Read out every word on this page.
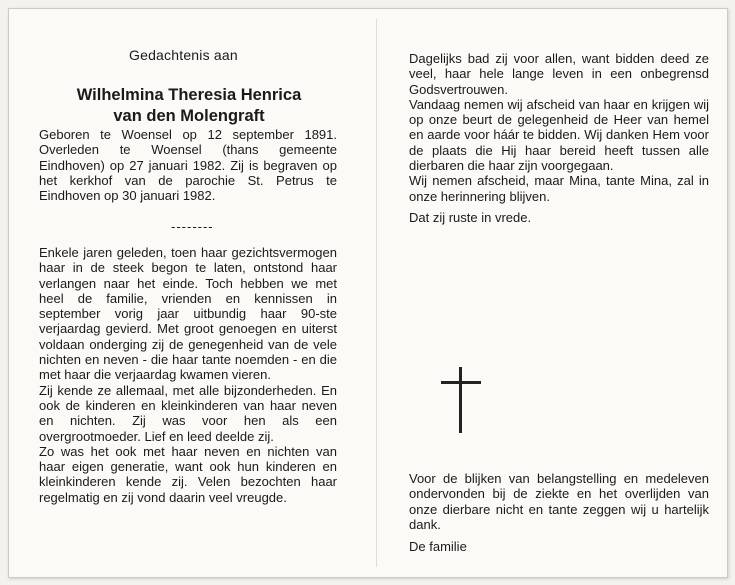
Gedachtenis aan
Wilhelmina Theresia Henrica
van den Molengraft
Geboren te Woensel op 12 september 1891. Overleden te Woensel (thans gemeente Eindhoven) op 27 januari 1982. Zij is begraven op het kerkhof van de parochie St. Petrus te Eindhoven op 30 januari 1982.
--------

Enkele jaren geleden, toen haar gezichtsvermogen haar in de steek begon te laten, ontstond haar verlangen naar het einde. Toch hebben we met heel de familie, vrienden en kennissen in september vorig jaar uitbundig haar 90-ste verjaardag gevierd. Met groot genoegen en uiterst voldaan onderging zij de genegenheid van de vele nichten en neven - die haar tante noemden - en die met haar die verjaardag kwamen vieren.

Zij kende ze allemaal, met alle bijzonderheden. En ook de kinderen en kleinkinderen van haar neven en nichten. Zij was voor hen als een overgrootmoeder. Lief en leed deelde zij.

Zo was het ook met haar neven en nichten van haar eigen generatie, want ook hun kinderen en kleinkinderen kende zij. Velen bezochten haar regelmatig en zij vond daarin veel vreugde.

Dagelijks bad zij voor allen, want bidden deed ze veel, haar hele lange leven in een onbegrensd Godsvertrouwen.

Vandaag nemen wij afscheid van haar en krijgen wij op onze beurt de gelegenheid de Heer van hemel en aarde voor háár te bidden. Wij danken Hem voor de plaats die Hij haar bereid heeft tussen alle dierbaren die haar zijn voorgegaan.

Wij nemen afscheid, maar Mina, tante Mina, zal in onze herinnering blijven.

Dat zij ruste in vrede.

Voor de blijken van belangstelling en medeleven ondervonden bij de ziekte en het overlijden van onze dierbare nicht en tante zeggen wij u hartelijk dank.
De familie
